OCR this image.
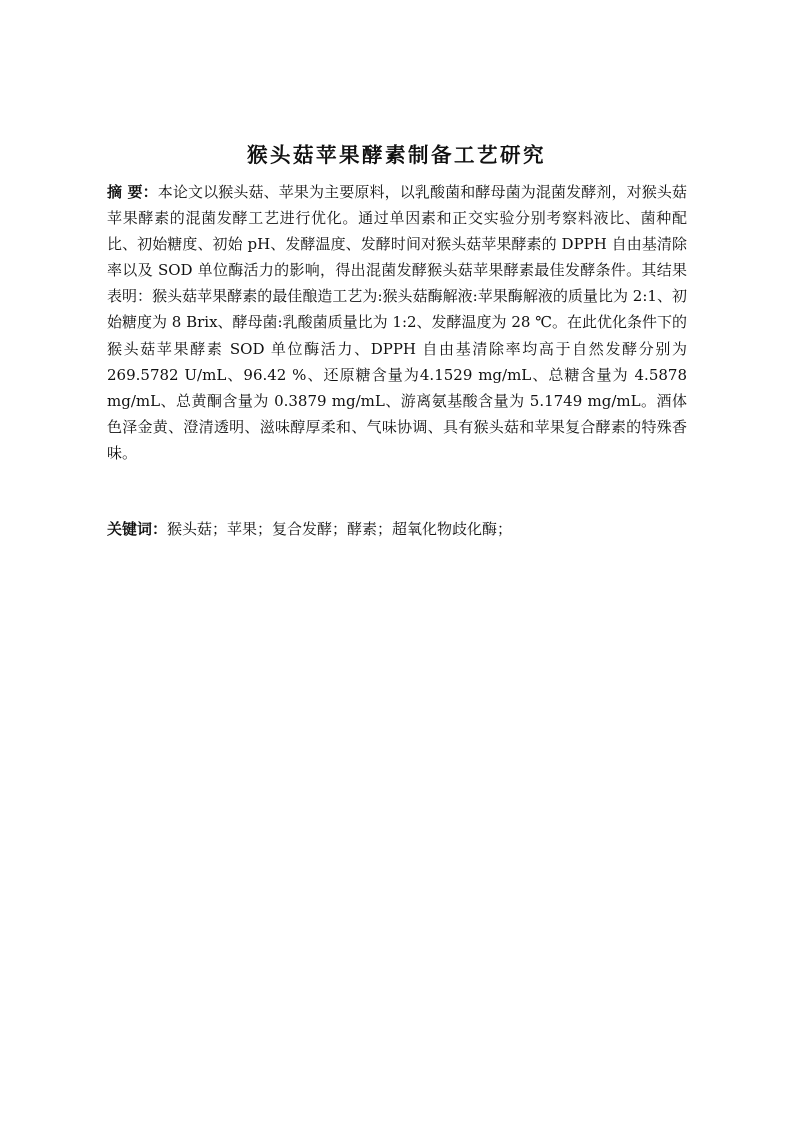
猴头菇苹果酵素制备工艺研究

摘 要：本论文以猴头菇、苹果为主要原料，以乳酸菌和酵母菌为混菌发酵剂，对猴头菇苹果酵素的混菌发酵工艺进行优化。通过单因素和正交实验分别考察料液比、菌种配比、初始糖度、初始 pH、发酵温度、发酵时间对猴头菇苹果酵素的 DPPH 自由基清除率以及 SOD 单位酶活力的影响，得出混菌发酵猴头菇苹果酵素最佳发酵条件。其结果表明：猴头菇苹果酵素的最佳酿造工艺为:猴头菇酶解液:苹果酶解液的质量比为 2:1、初始糖度为 8 Brix、酵母菌:乳酸菌质量比为 1:2、发酵温度为 28 ℃。在此优化条件下的猴头菇苹果酵素 SOD 单位酶活力、DPPH 自由基清除率均高于自然发酵分别为269.5782 U/mL、96.42 %、还原糖含量为4.1529 mg/mL、总糖含量为 4.5878 mg/mL、总黄酮含量为 0.3879 mg/mL、游离氨基酸含量为 5.1749 mg/mL。酒体色泽金黄、澄清透明、滋味醇厚柔和、气味协调、具有猴头菇和苹果复合酵素的特殊香味。

关键词：猴头菇；苹果；复合发酵；酵素；超氧化物歧化酶；
